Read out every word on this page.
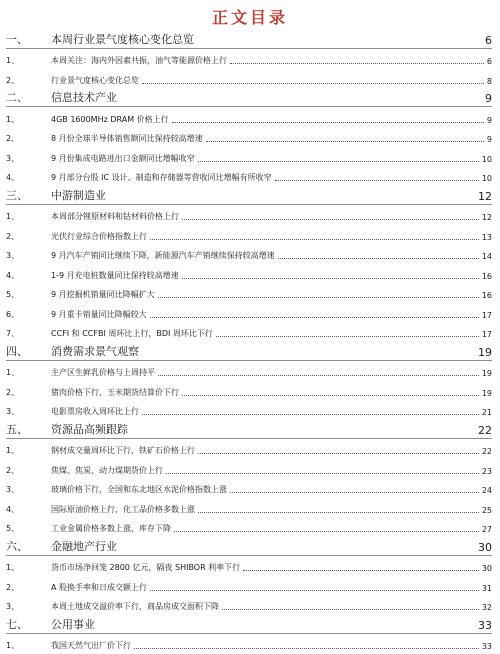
正文目录
一、 本周行业景气度核心变化总览	6
1、	本周关注：海内外因素共振，油气等能源价格上行	6
2、	行业景气度核心变化总览	8
二、 信息技术产业	9
1、	4GB 1600MHz DRAM 价格上行	9
2、	8 月份全球半导体销售额同比保持较高增速	9
3、	9 月份集成电路进出口金额同比增幅收窄	10
4、	9 月部分台股 IC 设计、制造和存储器等营收同比增幅有所收窄	10
三、 中游制造业	12
1、	本周部分锂原材料和钴材料价格上行	12
2、	光伏行业综合价格指数上行	13
3、	9 月汽车产销同比继续下降，新能源汽车产销继续保持较高增速	14
4、	1-9 月充电桩数量同比保持较高增速	16
5、	9 月挖掘机销量同比降幅扩大	16
6、	9 月重卡销量同比降幅较大	17
7、	CCFI 和 CCFBI 周环比上行，BDI 周环比下行	17
四、 消费需求景气观察	19
1、	主产区生鲜乳价格与上周持平	19
2、	猪肉价格下行，玉米期货结算价下行	19
3、	电影票房收入周环比上行	21
五、 资源品高频跟踪	22
1、	钢材成交量周环比下行，铁矿石价格上行	22
2、	焦煤、焦炭、动力煤期货价上行	23
3、	玻璃价格下行，全国和东北地区水泥价格指数上涨	24
4、	国际原油价格上行，化工品价格多数上涨	25
5、	工业金属价格多数上涨，库存下降	27
六、 金融地产行业	30
1、	货币市场净回笼 2800 亿元，隔夜 SHIBOR 利率下行	30
2、	A 股换手率和日成交额上行	31
3、	本周土地成交溢价率下行，商品房成交面积下降	32
七、 公用事业	33
1、	我国天然气出厂价下行	33
